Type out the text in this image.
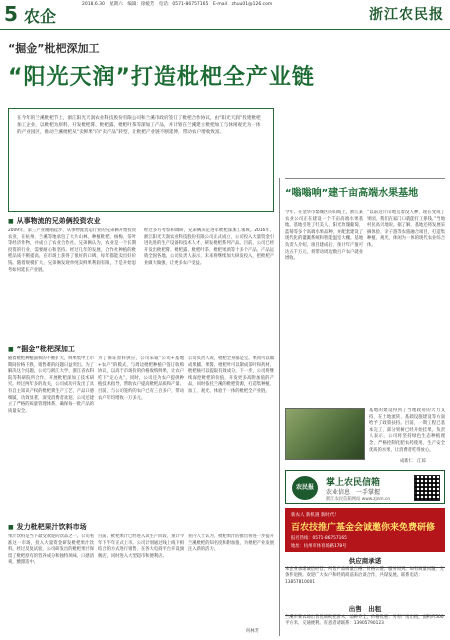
5 农企
2018.6.30　星期六　编辑：徐媛芳　电话：0571-86757165　E-mail：zhuu01@126.com
浙江农民报
“掘金”枇杷深加工
“阳光天润”打造枇杷全产业链

在今年的兰溪枇杷节上，浙江阳光天润农业科技股份有限公司和兰溪市政府签订了枇杷合作协议，由“阳光天润”投建枇杷加工企业，以枇杷为原料，开发枇杷膏、枇杷露、枇杷叶茶等深加工产品，并计划在兰溪建立枇杷加工与休闲观光为一体的产业园区，推动兰溪枇杷从“卖鲜果”向“卖产品”转型，让枇杷产业链不断延伸，带动农户增收致富。

■ 从事物流的兄弟俩投资农业
2009年，第三产业刚刚起步，从事物流货运行业的兄弟俩开始投资农业，在杭州、兰溪等地承包了大片山林，种植枇杷、杨梅、茶叶等经济作物，并成立了农业合作社。兄弟俩认为，农业是一个长期投资的行业，需要耐心和坚持。经过几年的发展，合作社种植的枇杷品质不断提高，在市场上获得了很好的口碑，每年都能卖出好价钱。随着规模扩大，兄弟俩发现单纯卖鲜果利润有限，于是开始思考如何延长产业链。
经过多方考察和调研，兄弟俩决定进军枇杷深加工领域。2016年，浙江阳光天润农业科技股份有限公司正式成立，公司投入大量资金引进先进的生产设备和技术人才，研发枇杷系列产品。目前，公司已经开发出枇杷膏、枇杷露、枇杷叶茶、枇杷果酒等十多个产品，产品远销全国各地。公司负责人表示，未来将继续加大研发投入，把枇杷产业做大做强，让更多农户受益。
■ “掘金”枇杷深加工
随着枇杷种植面积的不断扩大，鲜果集中上市期间价格下跌、销售难的问题日益突出。为了解决这个问题，公司与浙江大学、浙江省农科院等科研院所合作，开展枇杷深加工技术研究。经过两年多的攻关，公司成功开发出了具有自主知识产权的枇杷膏生产工艺，产品口感细腻、功效显著，深受消费者欢迎。公司还建立了严格的质量管理体系，确保每一批产品的质量安全。
为了保证原料供应，公司采取“公司+基地+农户”的模式，与周边枇杷种植户签订收购协议，以高于市场价的价格收购鲜果，让农户吃下“定心丸”。同时，公司还为农户提供种植技术指导，帮助农户提高枇杷品质和产量。目前，与公司签约的农户已有三百多户，带动农户年均增收一万多元。
公司负责人说，枇杷全身都是宝，果肉可以做成果脯、果酱，枇杷叶可以制成茶叶和药材，枇杷核可以提取有效成分。下一步，公司将继续深挖枇杷的价值，开发更多高附加值的产品，同时依托兰溪的枇杷资源，打造集种植、加工、观光、体验于一体的枇杷全产业链。
■ 发力枇杷果汁饮料市场
果汁饮料是当下最受欢迎的饮品之一。公司看准这一市场，投入大量资金研发枇杷果汁饮料。经过反复试验，公司研发出的枇杷果汁保留了枇杷原有的营养成分和独特风味，口感清爽，酸甜适中。
目前，枇杷果汁已经进入试生产阶段，预计今年下半年正式上市。公司计划通过线上线下相结合的方式进行销售，在各大电商平台开设旗舰店，同时进入大型超市和便利店。
业内人士认为，枇杷果汁的推出将进一步提升兰溪枇杷的知名度和附加值，为枇杷产业发展注入新的活力。
何林芳
“ 嗡嗡响”建千亩高端水果基地
今年，在金华市婺城区的山坡上，浙江某农业公司正在建设一个千亩高端水果基地。基地引进了红美人、阳光玫瑰葡萄、蓝莓等多个高端水果品种，并配套建设了现代化的灌溉系统和智能温室大棚。基地负责人介绍，项目建成后，预计年产值可达五千万元，将带动周边数百户农户就业增收。
“以前这片山地荒着没人种，现在变成了果园，我们在家门口就能打工挣钱。”当地村民高兴地说。据了解，基地还将发展采摘体验、亲子游等农旅融合项目，打造集种植、观光、休闲为一体的现代农业综合体。
基地的建设得到了当地政府的大力支持，在土地流转、基础设施建设等方面给予了政策扶持。目前，一期工程已基本完工，部分果树已经开始挂果。负责人表示，公司将坚持绿色生态种植理念，严格控制化肥农药使用，生产安全优质的水果，让消费者吃得放心。
成新仁　江琼
农民报	掌上农民信箱
农业信息　一手掌握
浙江农民信箱网站 www.zjnm.cn
新农人 新机遇 新时代！
百农技推广基金会诚邀你来免费研修
报名热线：0571-86757165
地址：杭州市体育场路178号
供应商承诺
本企业承诺诚信经营，所售产品质量合格，价格公道，服务周到。如有质量问题，无条件退换。欢迎广大农户和经销商前来洽谈合作，共谋发展。联系电话：13857810001
出售　出租
兰溪市某农场出售优质枇杷苗木，品种齐全，价格优惠；另有厂房出租，面积约500平方米，交通便利。有意者请联系：13905790123
